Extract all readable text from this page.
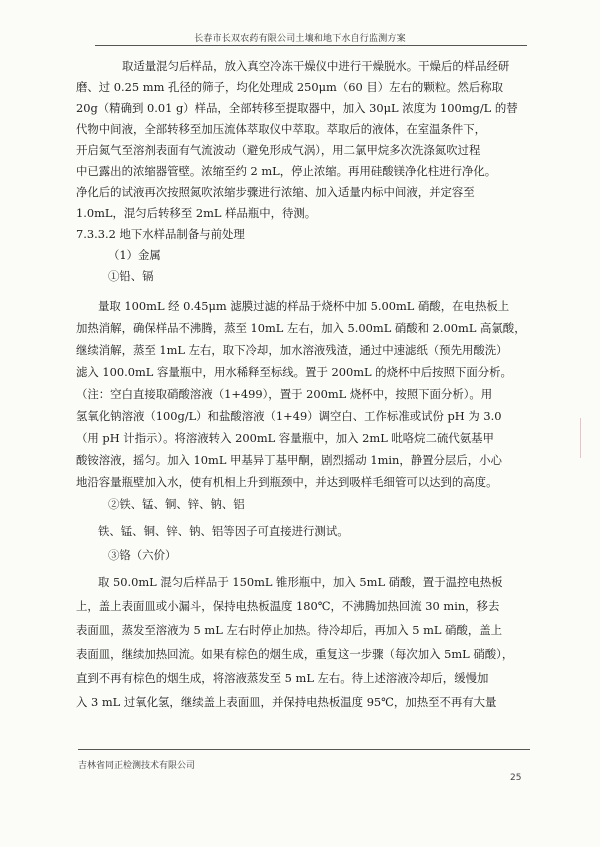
长春市长双农药有限公司土壤和地下水自行监测方案
取适量混匀后样品，放入真空冷冻干燥仪中进行干燥脱水。干燥后的样品经研
磨、过 0.25 mm 孔径的筛子，均化处理成 250μm（60 目）左右的颗粒。然后称取
20g（精确到 0.01 g）样品，全部转移至提取器中，加入 30μL 浓度为 100mg/L 的替
代物中间液，全部转移至加压流体萃取仪中萃取。萃取后的液体，在室温条件下，
开启氮气至溶剂表面有气流波动（避免形成气涡），用二氯甲烷多次洗涤氮吹过程
中已露出的浓缩器管壁。浓缩至约 2 mL，停止浓缩。再用硅酸镁净化柱进行净化。
净化后的试液再次按照氮吹浓缩步骤进行浓缩、加入适量内标中间液，并定容至
1.0mL，混匀后转移至 2mL 样品瓶中，待测。
7.3.3.2 地下水样品制备与前处理
（1）金属
①铅、镉
量取 100mL 经 0.45μm 滤膜过滤的样品于烧杯中加 5.00mL 硝酸，在电热板上
加热消解，确保样品不沸腾，蒸至 10mL 左右，加入 5.00mL 硝酸和 2.00mL 高氯酸，
继续消解，蒸至 1mL 左右，取下冷却，加水溶液残渣，通过中速滤纸（预先用酸洗）
滤入 100.0mL 容量瓶中，用水稀释至标线。置于 200mL 的烧杯中后按照下面分析。
（注：空白直接取硝酸溶液（1+499），置于 200mL 烧杯中，按照下面分析）。用
氢氧化钠溶液（100g/L）和盐酸溶液（1+49）调空白、工作标准或试份 pH 为 3.0
（用 pH 计指示）。将溶液转入 200mL 容量瓶中，加入 2mL 吡咯烷二硫代氨基甲
酸铵溶液，摇匀。加入 10mL 甲基异丁基甲酮，剧烈摇动 1min，静置分层后，小心
地沿容量瓶壁加入水，使有机相上升到瓶颈中，并达到吸样毛细管可以达到的高度。
②铁、锰、铜、锌、钠、铝
铁、锰、铜、锌、钠、铝等因子可直接进行测试。
③铬（六价）
取 50.0mL 混匀后样品于 150mL 锥形瓶中，加入 5mL 硝酸，置于温控电热板
上，盖上表面皿或小漏斗，保持电热板温度 180℃，不沸腾加热回流 30 min，移去
表面皿，蒸发至溶液为 5 mL 左右时停止加热。待冷却后，再加入 5 mL 硝酸，盖上
表面皿，继续加热回流。如果有棕色的烟生成，重复这一步骤（每次加入 5mL 硝酸），
直到不再有棕色的烟生成，将溶液蒸发至 5 mL 左右。待上述溶液冷却后，缓慢加
入 3 mL 过氧化氢，继续盖上表面皿，并保持电热板温度 95℃，加热至不再有大量
吉林省同正检测技术有限公司
25
